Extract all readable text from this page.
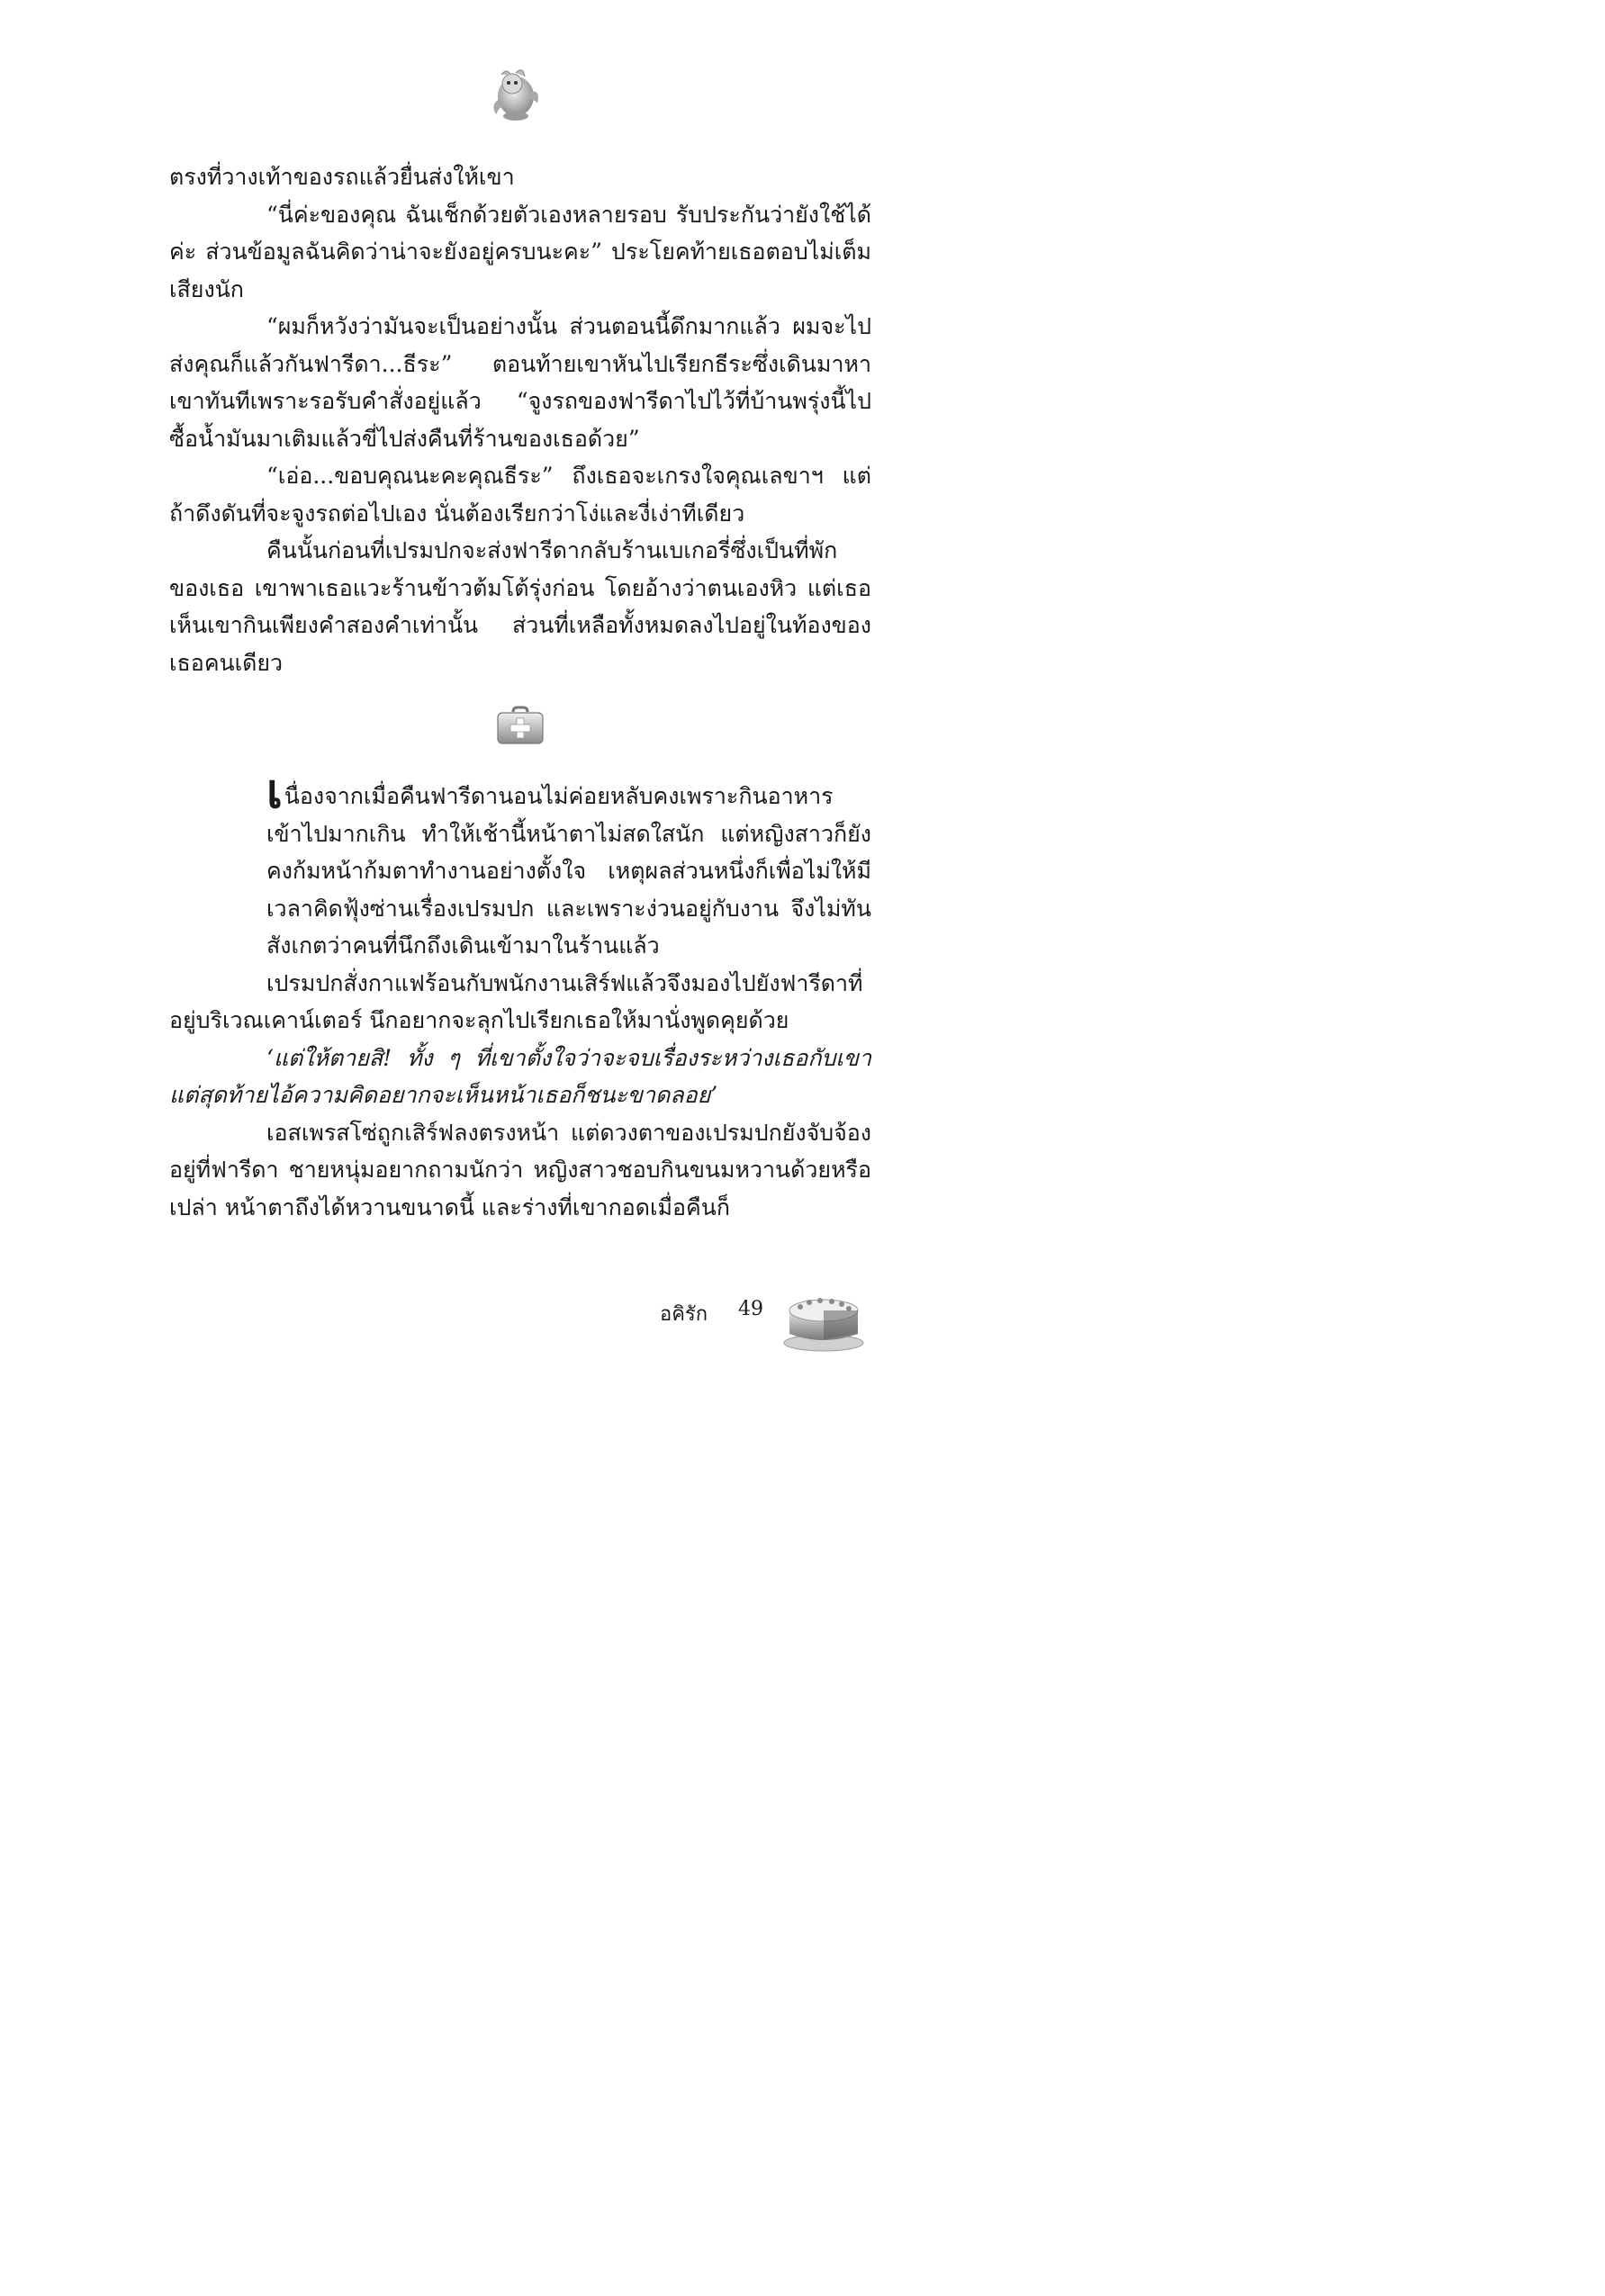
ตรงที่วางเท้าของรถแล้วยื่นส่งให้เขา

“นี่ค่ะของคุณ ฉันเช็กด้วยตัวเองหลายรอบ รับประกันว่ายังใช้ได้ค่ะ ส่วนข้อมูลฉันคิดว่าน่าจะยังอยู่ครบนะคะ” ประโยคท้ายเธอตอบไม่เต็มเสียงนัก

“ผมก็หวังว่ามันจะเป็นอย่างนั้น ส่วนตอนนี้ดึกมากแล้ว ผมจะไปส่งคุณก็แล้วกันฟารีดา...ธีระ” ตอนท้ายเขาหันไปเรียกธีระซึ่งเดินมาหาเขาทันทีเพราะรอรับคำสั่งอยู่แล้ว “จูงรถของฟารีดาไปไว้ที่บ้านพรุ่งนี้ไปซื้อน้ำมันมาเติมแล้วขี่ไปส่งคืนที่ร้านของเธอด้วย”

“เอ่อ...ขอบคุณนะคะคุณธีระ” ถึงเธอจะเกรงใจคุณเลขาฯ แต่ถ้าดึงดันที่จะจูงรถต่อไปเอง นั่นต้องเรียกว่าโง่และงี่เง่าทีเดียว

คืนนั้นก่อนที่เปรมปกจะส่งฟารีดากลับร้านเบเกอรี่ซึ่งเป็นที่พักของเธอ เขาพาเธอแวะร้านข้าวต้มโต้รุ่งก่อน โดยอ้างว่าตนเองหิว แต่เธอเห็นเขากินเพียงคำสองคำเท่านั้น ส่วนที่เหลือทั้งหมดลงไปอยู่ในท้องของเธอคนเดียว

เนื่องจากเมื่อคืนฟารีดานอนไม่ค่อยหลับคงเพราะกินอาหารเข้าไปมากเกิน ทำให้เช้านี้หน้าตาไม่สดใสนัก แต่หญิงสาวก็ยังคงก้มหน้าก้มตาทำงานอย่างตั้งใจ เหตุผลส่วนหนึ่งก็เพื่อไม่ให้มีเวลาคิดฟุ้งซ่านเรื่องเปรมปก และเพราะง่วนอยู่กับงาน จึงไม่ทันสังเกตว่าคนที่นึกถึงเดินเข้ามาในร้านแล้ว

เปรมปกสั่งกาแฟร้อนกับพนักงานเสิร์ฟแล้วจึงมองไปยังฟารีดาที่อยู่บริเวณเคาน์เตอร์ นึกอยากจะลุกไปเรียกเธอให้มานั่งพูดคุยด้วย

‘แต่ให้ตายสิ! ทั้ง ๆ ที่เขาตั้งใจว่าจะจบเรื่องระหว่างเธอกับเขาแต่สุดท้ายไอ้ความคิดอยากจะเห็นหน้าเธอก็ชนะขาดลอย’

เอสเพรสโซ่ถูกเสิร์ฟลงตรงหน้า แต่ดวงตาของเปรมปกยังจับจ้องอยู่ที่ฟารีดา ชายหนุ่มอยากถามนักว่า หญิงสาวชอบกินขนมหวานด้วยหรือเปล่า หน้าตาถึงได้หวานขนาดนี้ และร่างที่เขากอดเมื่อคืนก็

อคิรัก 49
